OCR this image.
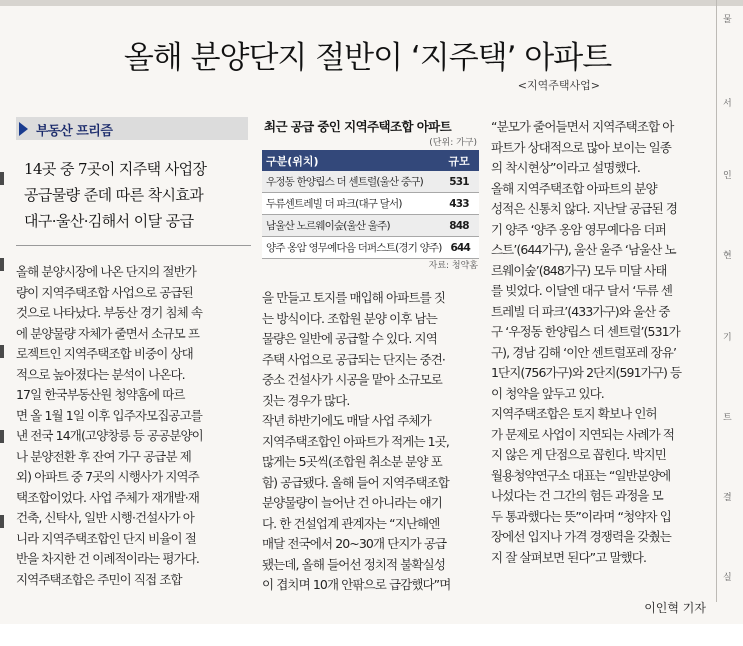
물
서
인
현
기
트
결
실
올해 분양단지 절반이 ‘지주택’ 아파트
<지역주택사업>
부동산 프리즘
14곳 중 7곳이 지주택 사업장
공급물량 준데 따른 착시효과
대구·울산·김해서 이달 공급
올해 분양시장에 나온 단지의 절반가
량이 지역주택조합 사업으로 공급된
것으로 나타났다. 부동산 경기 침체 속
에 분양물량 자체가 줄면서 소규모 프
로젝트인 지역주택조합 비중이 상대
적으로 높아졌다는 분석이 나온다.
17일 한국부동산원 청약홈에 따르
면 올 1월 1일 이후 입주자모집공고를
낸 전국 14개(고양창릉 등 공공분양이
나 분양전환 후 잔여 가구 공급분 제
외) 아파트 중 7곳의 시행사가 지역주
택조합이었다. 사업 주체가 재개발·재
건축, 신탁사, 일반 시행·건설사가 아
니라 지역주택조합인 단지 비율이 절
반을 차지한 건 이례적이라는 평가다.
지역주택조합은 주민이 직접 조합
최근 공급 중인 지역주택조합 아파트
(단위: 가구)
구분(위치)	규모
우정동 한양립스 더 센트럴(울산 중구)	531
두류센트레빌 더 파크(대구 달서)	433
남울산 노르웨이숲(울산 울주)	848
양주 옹암 영무예다음 더퍼스트(경기 양주) 644
자료: 청약홈
을 만들고 토지를 매입해 아파트를 짓
는 방식이다. 조합원 분양 이후 남는
물량은 일반에 공급할 수 있다. 지역
주택 사업으로 공급되는 단지는 중견·
중소 건설사가 시공을 맡아 소규모로
짓는 경우가 많다.
작년 하반기에도 매달 사업 주체가
지역주택조합인 아파트가 적게는 1곳,
많게는 5곳씩(조합원 취소분 분양 포
함) 공급됐다. 올해 들어 지역주택조합
분양물량이 늘어난 건 아니라는 얘기
다. 한 건설업계 관계자는 “지난해엔
매달 전국에서 20~30개 단지가 공급
됐는데, 올해 들어선 정치적 불확실성
이 겹치며 10개 안팎으로 급감했다”며
“분모가 줄어들면서 지역주택조합 아
파트가 상대적으로 많아 보이는 일종
의 착시현상”이라고 설명했다.
올해 지역주택조합 아파트의 분양
성적은 신통치 않다. 지난달 공급된 경
기 양주 ‘양주 옹암 영무예다음 더퍼
스트’(644가구), 울산 울주 ‘남울산 노
르웨이숲’(848가구) 모두 미달 사태
를 빚었다. 이달엔 대구 달서 ‘두류 센
트레빌 더 파크’(433가구)와 울산 중
구 ‘우정동 한양립스 더 센트럴’(531가
구), 경남 김해 ‘이안 센트럴포레 장유’
1단지(756가구)와 2단지(591가구) 등
이 청약을 앞두고 있다.
지역주택조합은 토지 확보나 인허
가 문제로 사업이 지연되는 사례가 적
지 않은 게 단점으로 꼽힌다. 박지민
월용청약연구소 대표는 “일반분양에
나섰다는 건 그간의 험든 과정을 모
두 통과했다는 뜻”이라며 “청약자 입
장에선 입지나 가격 경쟁력을 갖췄는
지 잘 살펴보면 된다”고 말했다.
이인혁 기자
